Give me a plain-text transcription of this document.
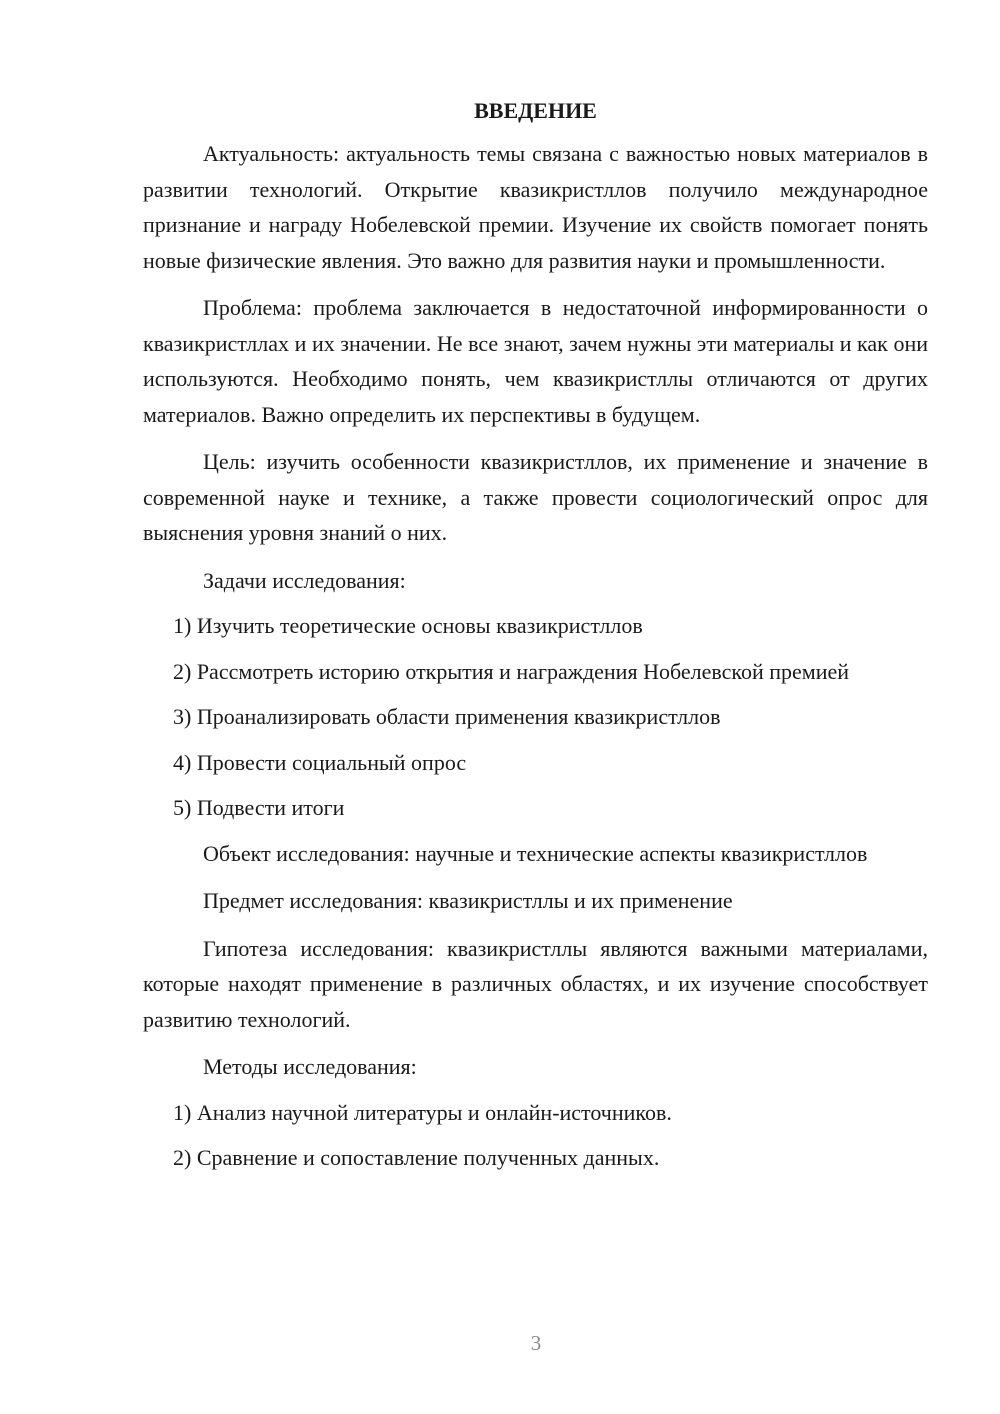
ВВЕДЕНИЕ

Актуальность: актуальность темы связана с важностью новых материалов в развитии технологий. Открытие квазикристллов получило международное признание и награду Нобелевской премии. Изучение их свойств помогает понять новые физические явления. Это важно для развития науки и промышленности.

Проблема: проблема заключается в недостаточной информированности о квазикристллах и их значении. Не все знают, зачем нужны эти материалы и как они используются. Необходимо понять, чем квазикристллы отличаются от других материалов. Важно определить их перспективы в будущем.

Цель: изучить особенности квазикристллов, их применение и значение в современной науке и технике, а также провести социологический опрос для выяснения уровня знаний о них.

Задачи исследования:

1) Изучить теоретические основы квазикристллов

2) Рассмотреть историю открытия и награждения Нобелевской премией

3) Проанализировать области применения квазикристллов

4) Провести социальный опрос

5) Подвести итоги

Объект исследования: научные и технические аспекты квазикристллов

Предмет исследования: квазикристллы и их применение

Гипотеза исследования: квазикристллы являются важными материалами, которые находят применение в различных областях, и их изучение способствует развитию технологий.

Методы исследования:

1) Анализ научной литературы и онлайн-источников.

2) Сравнение и сопоставление полученных данных.

3
